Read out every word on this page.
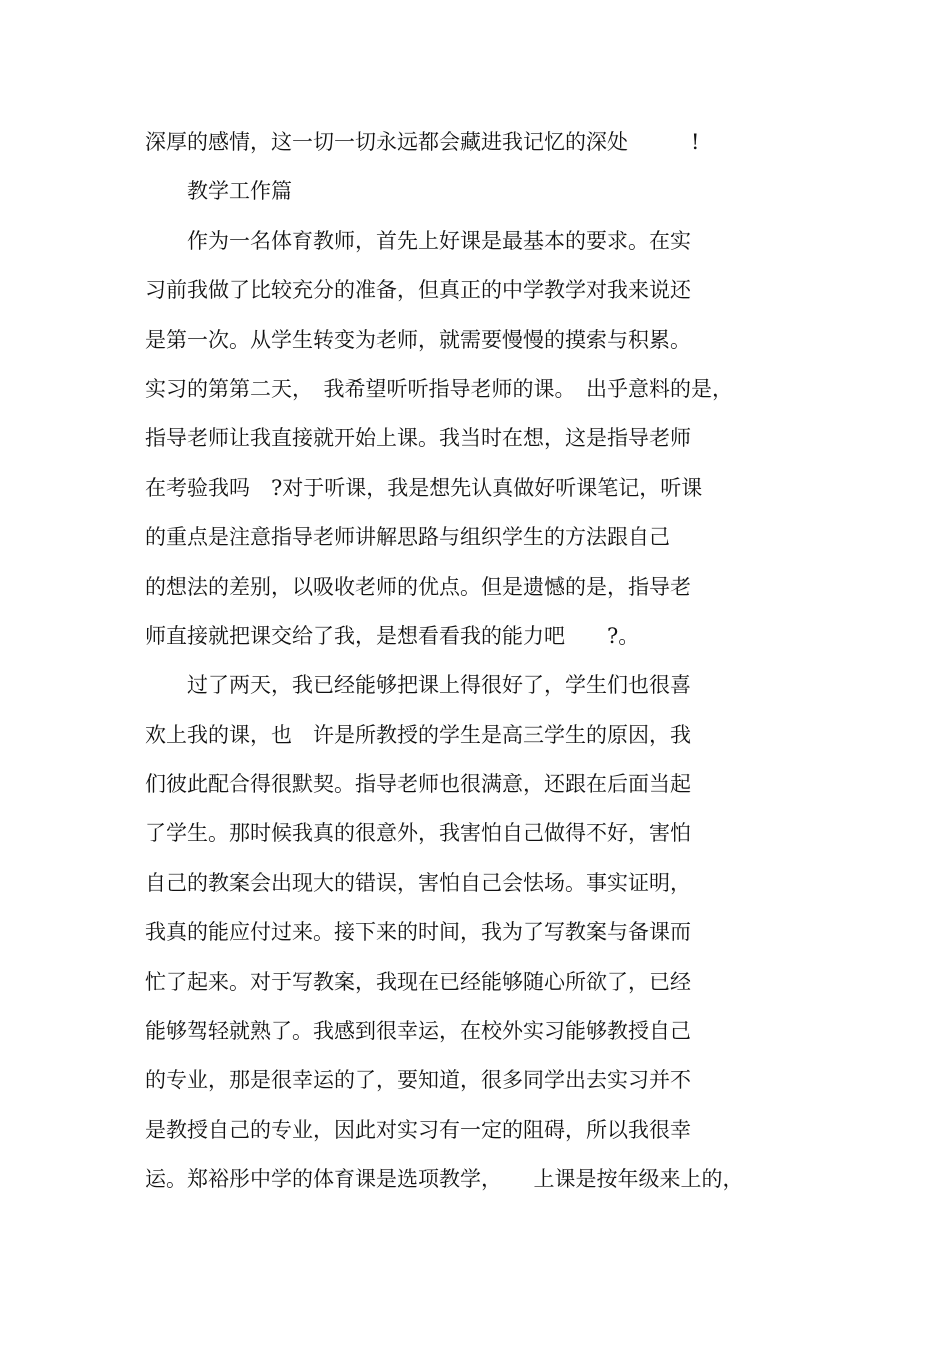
深厚的感情，这一切一切永远都会藏进我记忆的深处　　　!
　　教学工作篇
　　作为一名体育教师，首先上好课是最基本的要求。在实
习前我做了比较充分的准备，但真正的中学教学对我来说还
是第一次。从学生转变为老师，就需要慢慢的摸索与积累。
实习的第第二天，　我希望听听指导老师的课。　出乎意料的是，
指导老师让我直接就开始上课。我当时在想，这是指导老师
在考验我吗　?对于听课，我是想先认真做好听课笔记，听课
的重点是注意指导老师讲解思路与组织学生的方法跟自己
的想法的差别，以吸收老师的优点。但是遗憾的是，指导老
师直接就把课交给了我，是想看看我的能力吧　　?。
　　过了两天，我已经能够把课上得很好了，学生们也很喜
欢上我的课，也　许是所教授的学生是高三学生的原因，我
们彼此配合得很默契。指导老师也很满意，还跟在后面当起
了学生。那时候我真的很意外，我害怕自己做得不好，害怕
自己的教案会出现大的错误，害怕自己会怯场。事实证明，
我真的能应付过来。接下来的时间，我为了写教案与备课而
忙了起来。对于写教案，我现在已经能够随心所欲了，已经
能够驾轻就熟了。我感到很幸运，在校外实习能够教授自己
的专业，那是很幸运的了，要知道，很多同学出去实习并不
是教授自己的专业，因此对实习有一定的阻碍，所以我很幸
运。郑裕彤中学的体育课是选项教学，　　上课是按年级来上的，
